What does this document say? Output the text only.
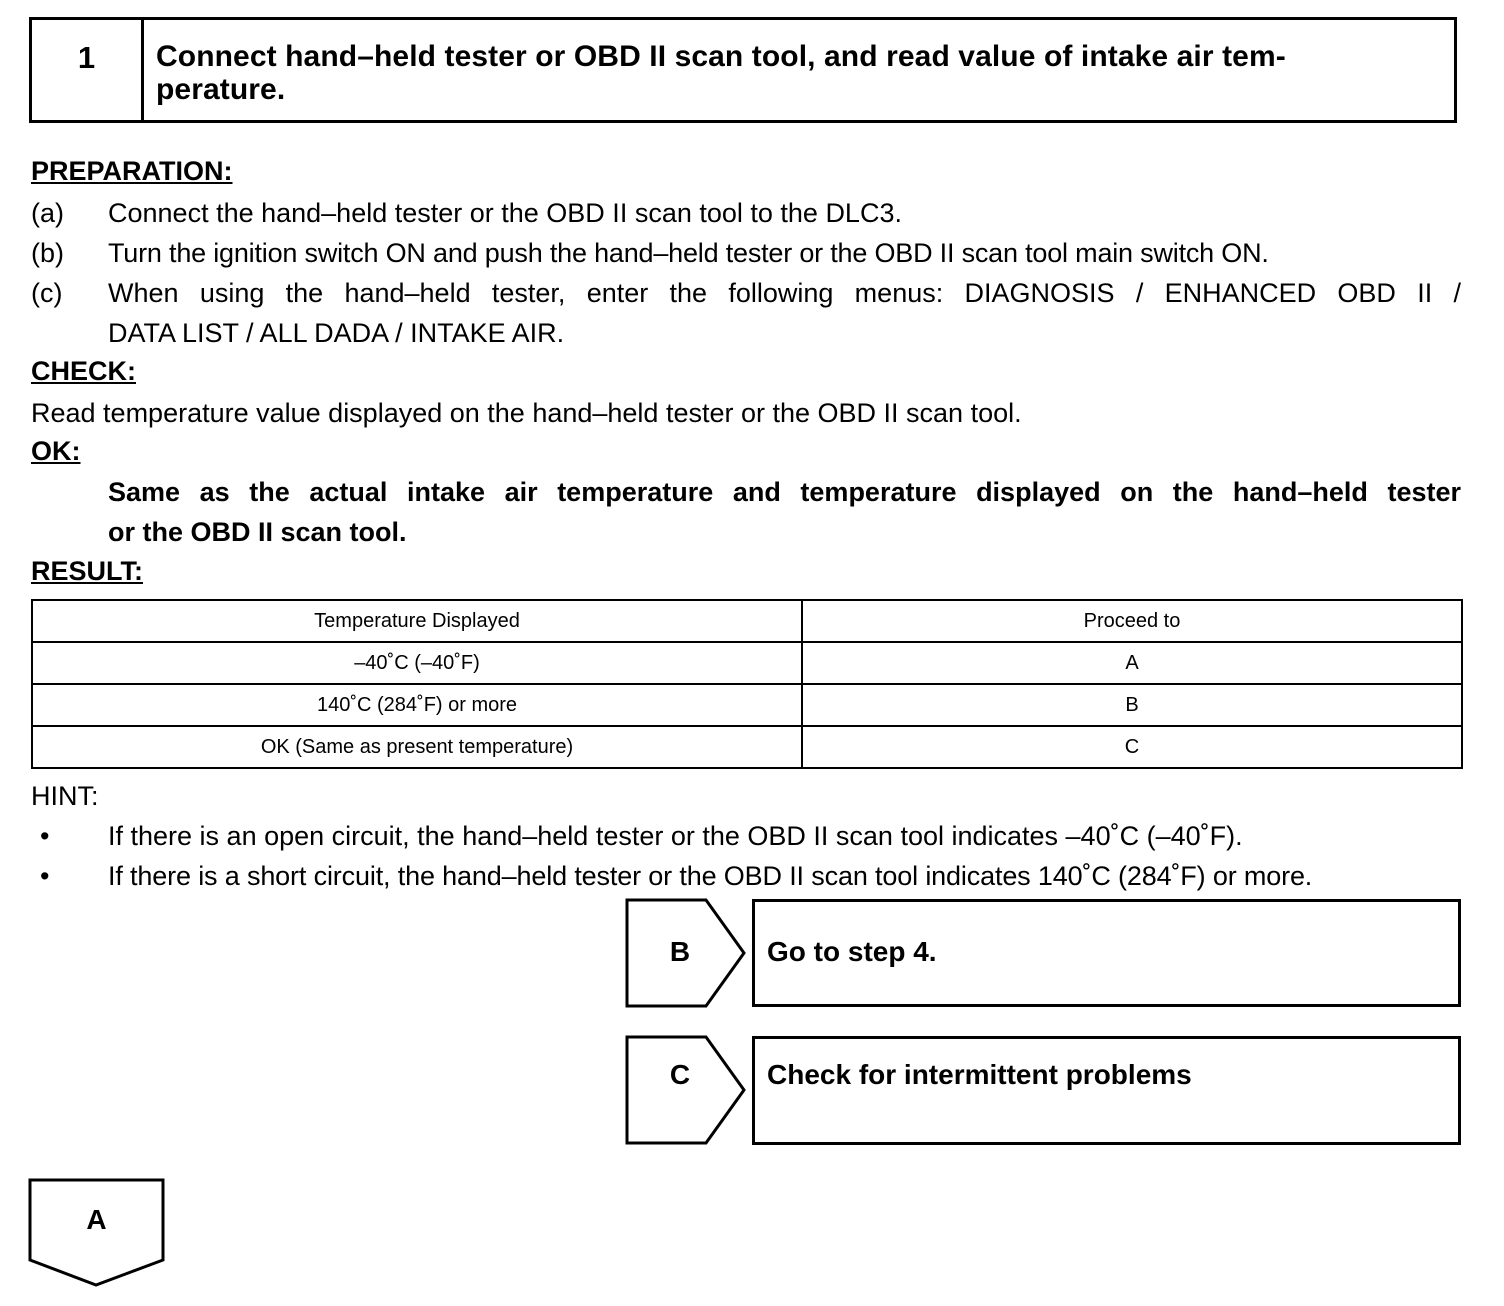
1	Connect hand–held tester or OBD II scan tool, and read value of intake air tem-
perature.
PREPARATION:
(a) Connect the hand–held tester or the OBD II scan tool to the DLC3.
(b) Turn the ignition switch ON and push the hand–held tester or the OBD II scan tool main switch ON.
(c) When using the hand–held tester, enter the following menus: DIAGNOSIS / ENHANCED OBD II /
DATA LIST / ALL DADA / INTAKE AIR.
CHECK:
Read temperature value displayed on the hand–held tester or the OBD II scan tool.
OK:
Same as the actual intake air temperature and temperature displayed on the hand–held tester
or the OBD II scan tool.
RESULT:
Temperature Displayed	Proceed to
–40˚C (–40˚F)	A
140˚C (284˚F) or more	B
OK (Same as present temperature)	C
HINT:
• If there is an open circuit, the hand–held tester or the OBD II scan tool indicates –40˚C (–40˚F).
• If there is a short circuit, the hand–held tester or the OBD II scan tool indicates 140˚C (284˚F) or more.
B	Go to step 4.
C	Check for intermittent problems
A
